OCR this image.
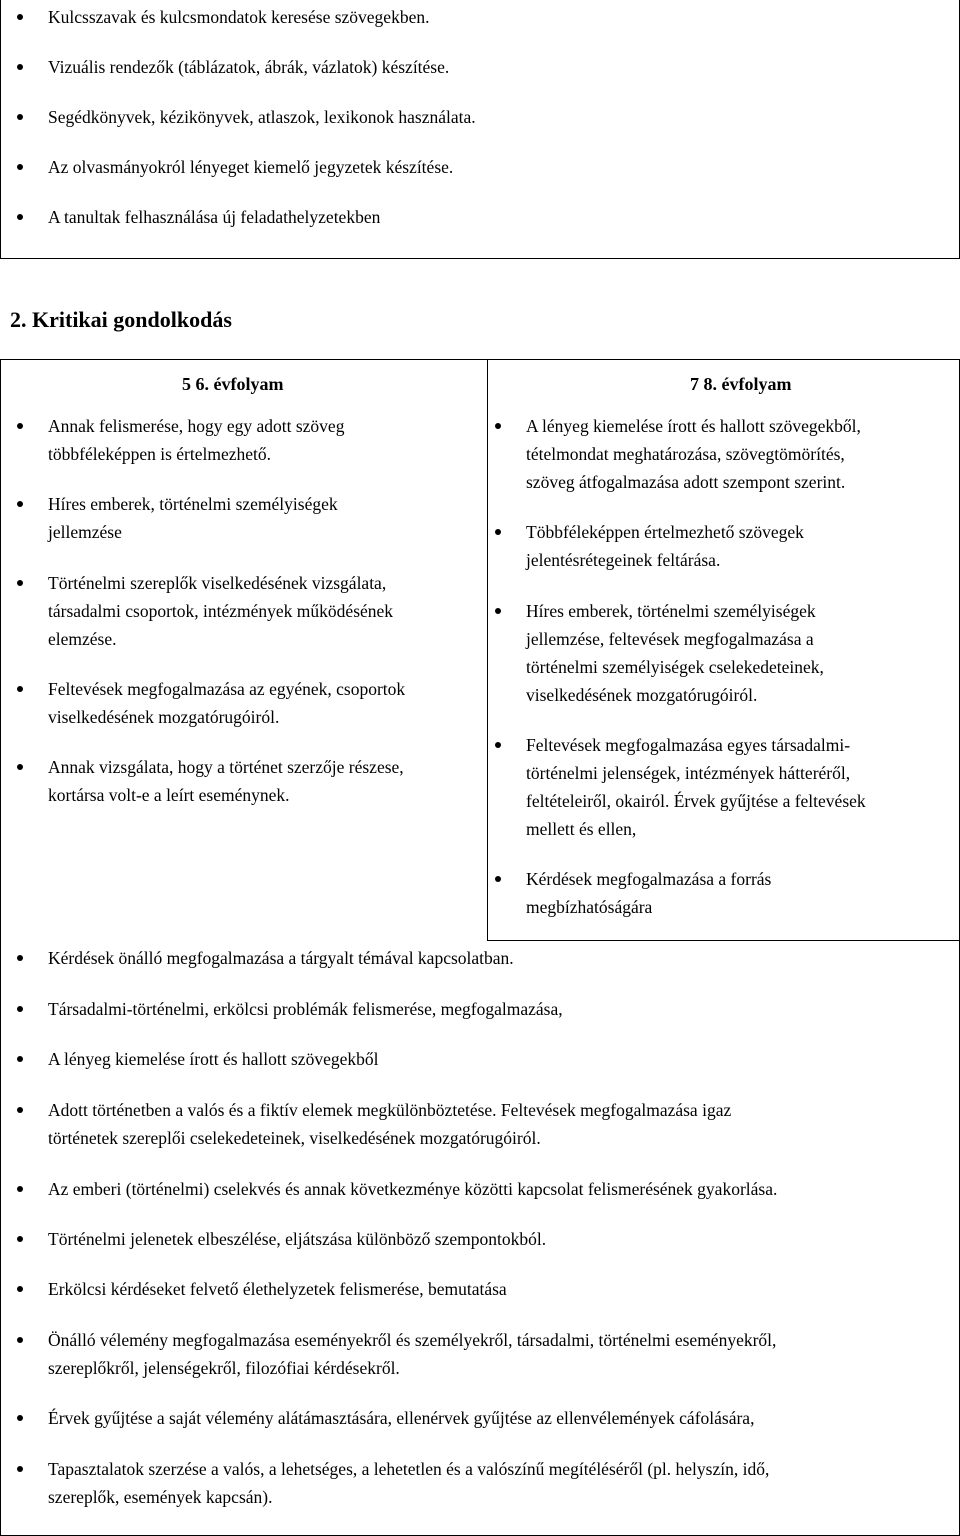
Kulcsszavak és kulcsmondatok keresése szövegekben.
Vizuális rendezők (táblázatok, ábrák, vázlatok) készítése.
Segédkönyvek, kézikönyvek, atlaszok, lexikonok használata.
Az olvasmányokról lényeget kiemelő jegyzetek készítése.
A tanultak felhasználása új feladathelyzetekben
2. Kritikai gondolkodás
5 6. évfolyam	7 8. évfolyam
Annak felismerése, hogy egy adott szöveg
többféleképpen is értelmezhető.
Híres emberek, történelmi személyiségek
jellemzése
Történelmi szereplők viselkedésének vizsgálata,
társadalmi csoportok, intézmények működésének
elemzése.
Feltevések megfogalmazása az egyének, csoportok
viselkedésének mozgatórugóiról.
Annak vizsgálata, hogy a történet szerzője részese,
kortársa volt-e a leírt eseménynek.
A lényeg kiemelése írott és hallott szövegekből,
tételmondat meghatározása, szövegtömörítés,
szöveg átfogalmazása adott szempont szerint.
Többféleképpen értelmezhető szövegek
jelentésrétegeinek feltárása.
Híres emberek, történelmi személyiségek
jellemzése, feltevések megfogalmazása a
történelmi személyiségek cselekedeteinek,
viselkedésének mozgatórugóiról.
Feltevések megfogalmazása egyes társadalmi-
történelmi jelenségek, intézmények hátteréről,
feltételeiről, okairól. Érvek gyűjtése a feltevések
mellett és ellen,
Kérdések megfogalmazása a forrás
megbízhatóságára
Kérdések önálló megfogalmazása a tárgyalt témával kapcsolatban.
Társadalmi-történelmi, erkölcsi problémák felismerése, megfogalmazása,
A lényeg kiemelése írott és hallott szövegekből
Adott történetben a valós és a fiktív elemek megkülönböztetése. Feltevések megfogalmazása igaz
történetek szereplői cselekedeteinek, viselkedésének mozgatórugóiról.
Az emberi (történelmi) cselekvés és annak következménye közötti kapcsolat felismerésének gyakorlása.
Történelmi jelenetek elbeszélése, eljátszása különböző szempontokból.
Erkölcsi kérdéseket felvető élethelyzetek felismerése, bemutatása
Önálló vélemény megfogalmazása eseményekről és személyekről, társadalmi, történelmi eseményekről,
szereplőkről, jelenségekről, filozófiai kérdésekről.
Érvek gyűjtése a saját vélemény alátámasztására, ellenérvek gyűjtése az ellenvélemények cáfolására,
Tapasztalatok szerzése a valós, a lehetséges, a lehetetlen és a valószínű megítéléséről (pl. helyszín, idő,
szereplők, események kapcsán).
